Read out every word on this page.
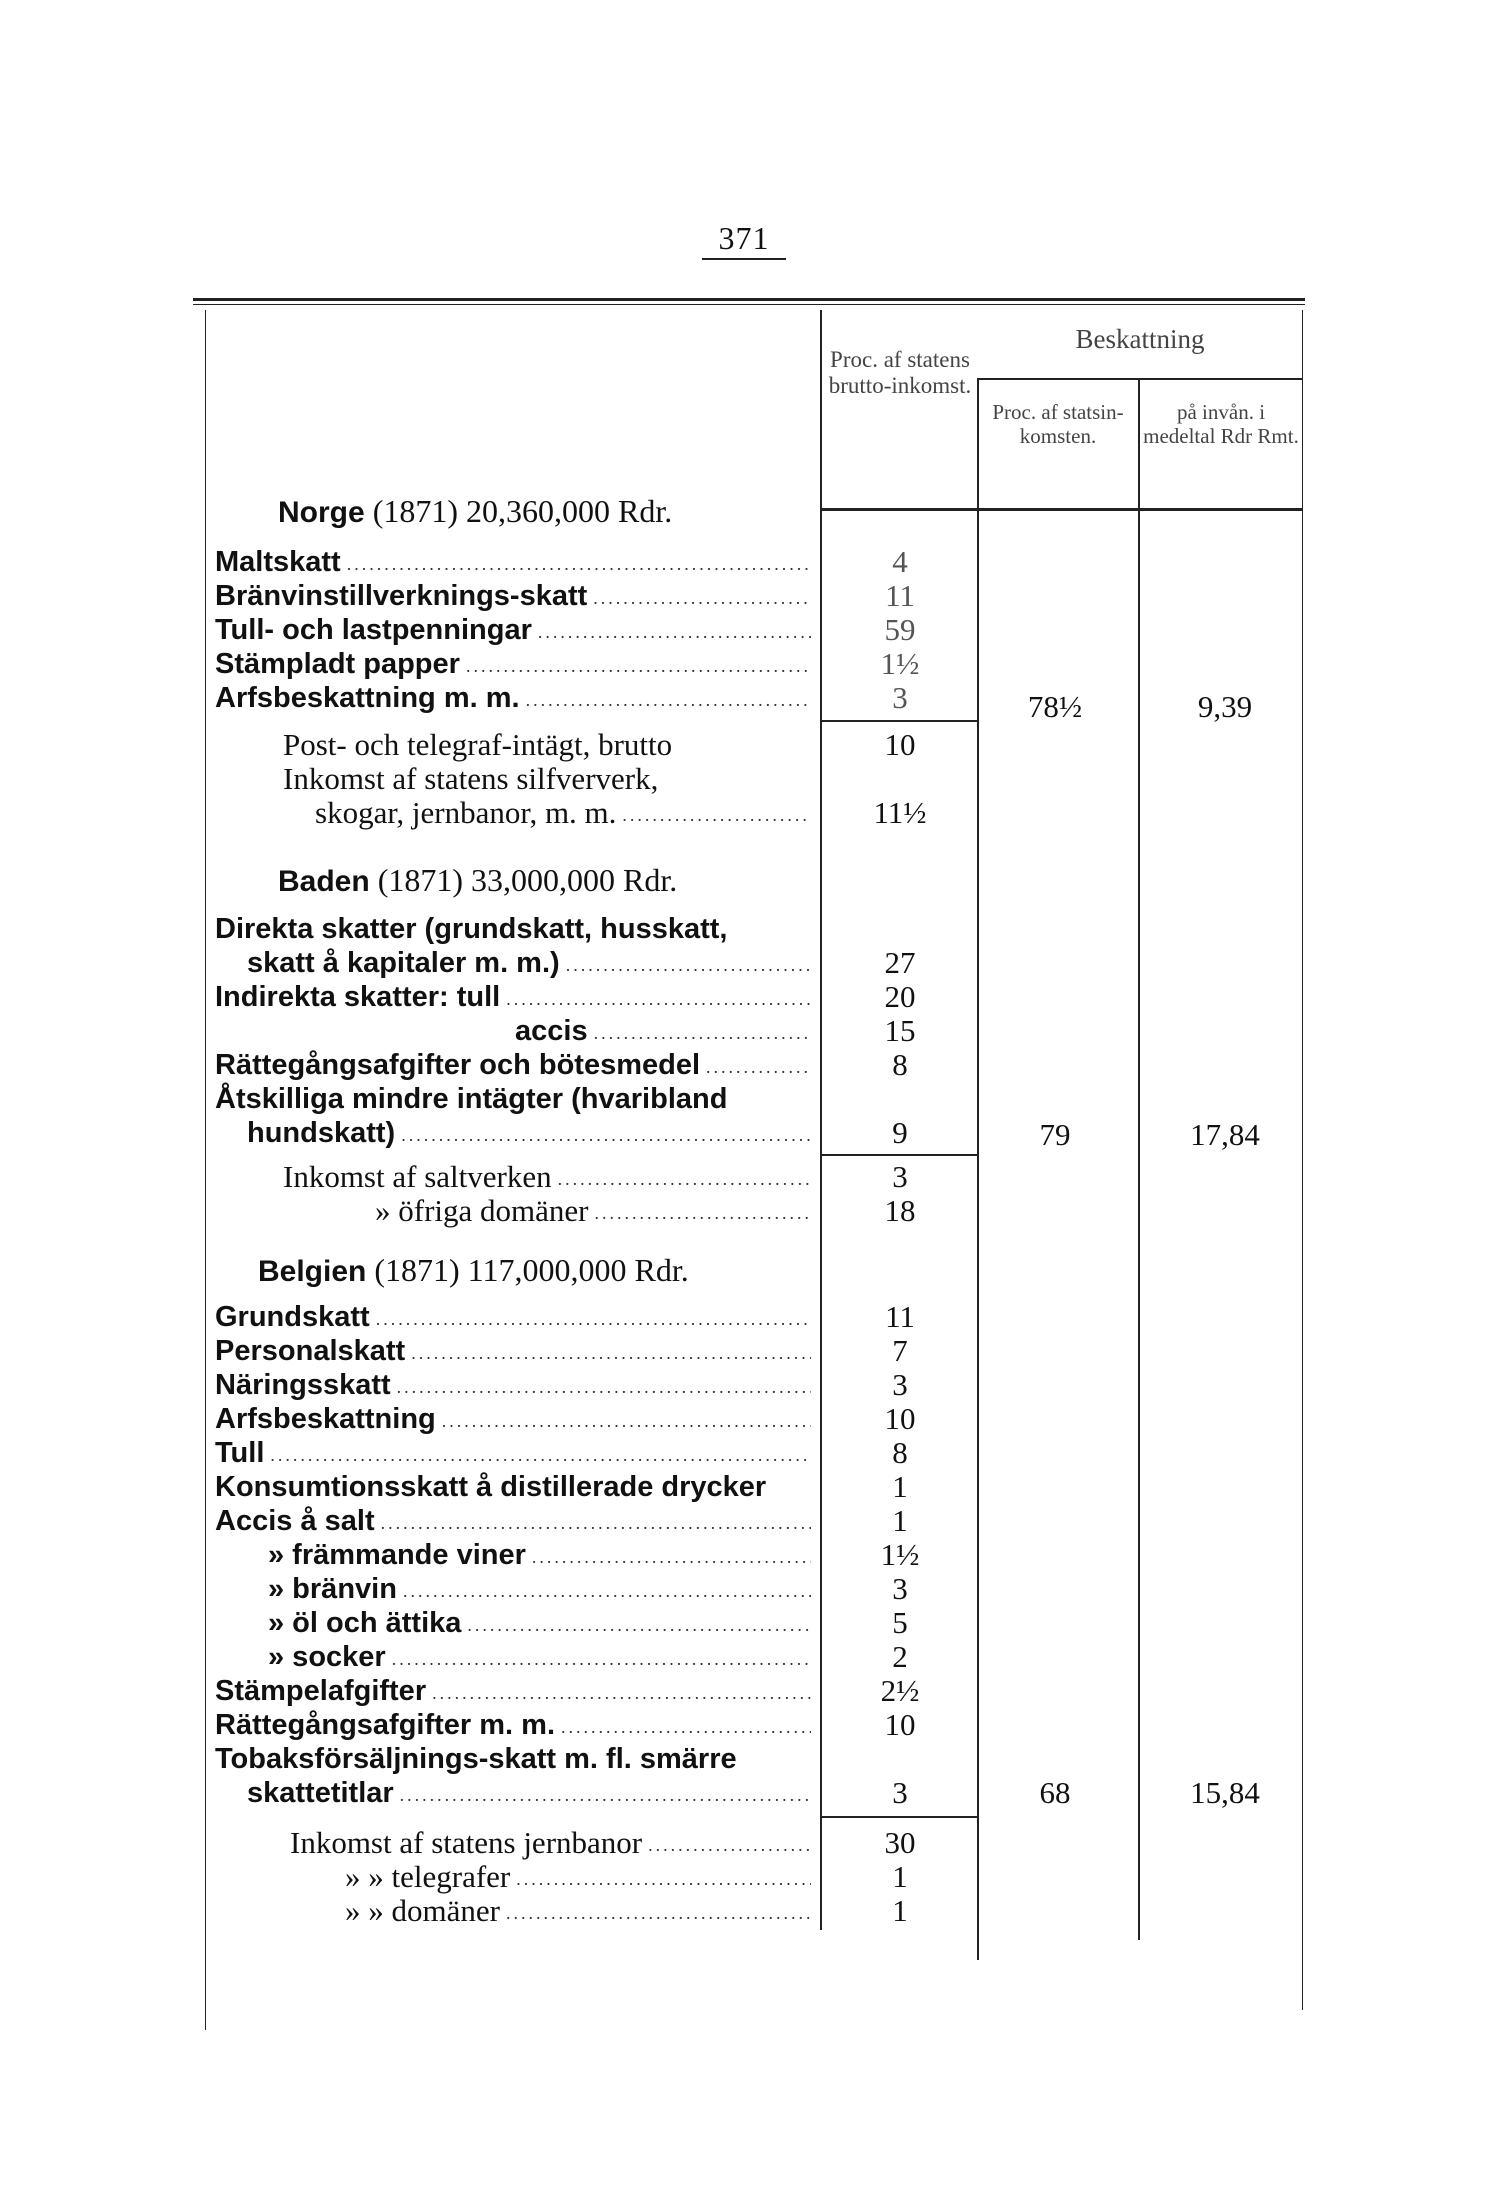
371
Proc. af statens brutto-inkomst.
Beskattning
Proc. af statsin-komsten.
på invån. i medeltal Rdr Rmt.
Norge (1871) 20,360,000 Rdr.
Maltskatt .....	4
Bränvinstillverknings-skatt .....	11
Tull- och lastpenningar .....	59
Stämpladt papper .....	1½
Arfsbeskattning m. m. .....	3
Post- och telegraf-intägt, brutto	10
Inkomst af statens silfververk,
skogar, jernbanor, m. m. .....	11½
78½	9,39
Baden (1871) 33,000,000 Rdr.
Direkta skatter (grundskatt, husskatt,
skatt å kapitaler m. m.) .....	27
Indirekta skatter: tull .....	20
accis .....	15
Rättegångsafgifter och bötesmedel .....	8
Åtskilliga mindre intägter (hvaribland
hundskatt) .....	9
Inkomst af saltverken .....	3
» öfriga domäner .....	18
79	17,84
Belgien (1871) 117,000,000 Rdr.
Grundskatt .....	11
Personalskatt .....	7
Näringsskatt .....	3
Arfsbeskattning .....	10
Tull .....	8
Konsumtionsskatt å distillerade drycker	1
Accis å salt .....	1
» främmande viner .....	1½
» bränvin .....	3
» öl och ättika .....	5
» socker .....	2
Stämpelafgifter .....	2½
Rättegångsafgifter m. m. .....	10
Tobaksförsäljnings-skatt m. fl. smärre
skattetitlar .....	3
Inkomst af statens jernbanor .....	30
» » telegrafer .....	1
» » domäner .....	1
68	15,84
